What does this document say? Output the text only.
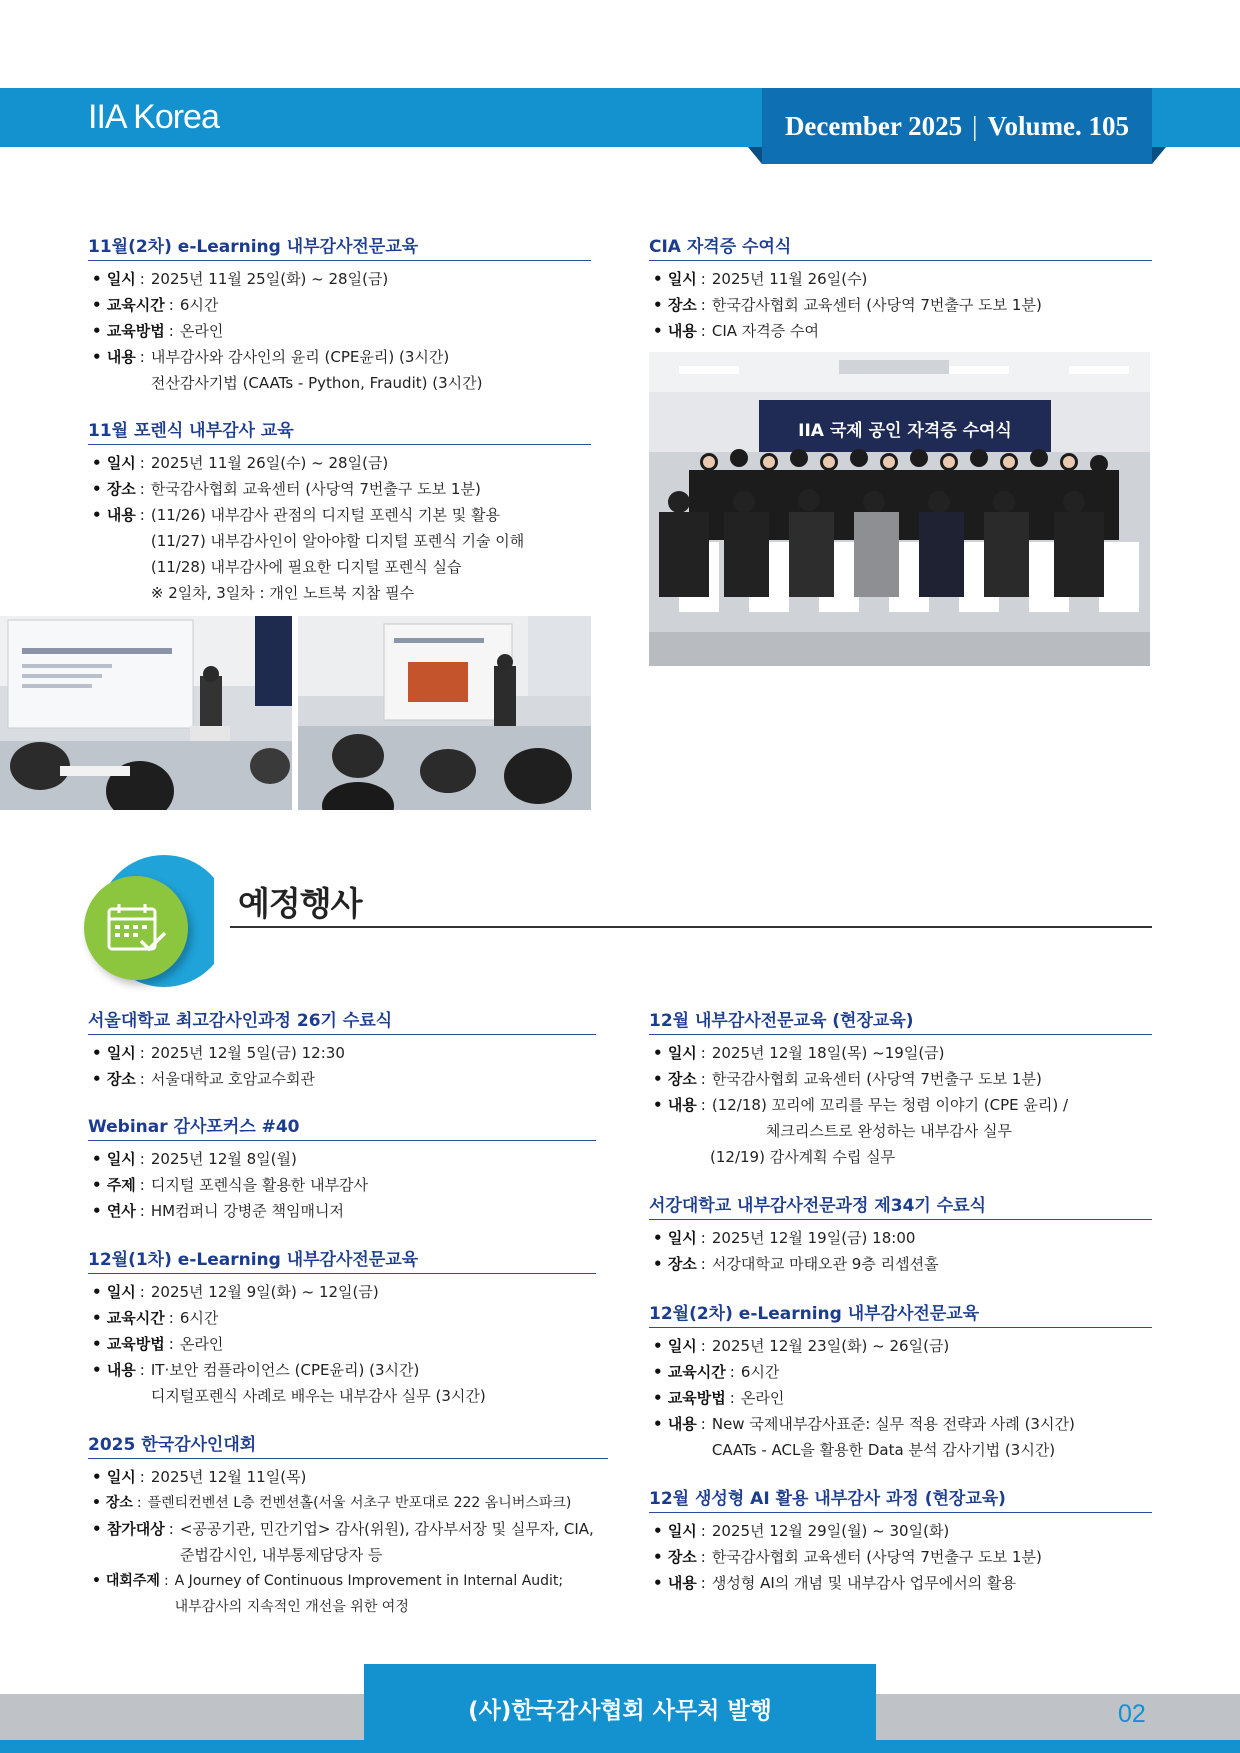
IIA Korea	December 2025 | Volume. 105
11월(2차) e-Learning 내부감사전문교육
• 일시 : 2025년 11월 25일(화) ~ 28일(금)
• 교육시간 : 6시간
• 교육방법 : 온라인
• 내용 : 내부감사와 감사인의 윤리 (CPE윤리) (3시간)
전산감사기법 (CAATs - Python, Fraudit) (3시간)
11월 포렌식 내부감사 교육
• 일시 : 2025년 11월 26일(수) ~ 28일(금)
• 장소 : 한국감사협회 교육센터 (사당역 7번출구 도보 1분)
• 내용 : (11/26) 내부감사 관점의 디지털 포렌식 기본 및 활용
(11/27) 내부감사인이 알아야할 디지털 포렌식 기술 이해
(11/28) 내부감사에 필요한 디지털 포렌식 실습
※ 2일차, 3일차 : 개인 노트북 지참 필수
CIA 자격증 수여식
• 일시 : 2025년 11월 26일(수)
• 장소 : 한국감사협회 교육센터 (사당역 7번출구 도보 1분)
• 내용 : CIA 자격증 수여
IIA 국제 공인 자격증 수여식
예정행사
서울대학교 최고감사인과정 26기 수료식
• 일시 : 2025년 12월 5일(금) 12:30
• 장소 : 서울대학교 호암교수회관
Webinar 감사포커스 #40
• 일시 : 2025년 12월 8일(월)
• 주제 : 디지털 포렌식을 활용한 내부감사
• 연사 : HM컴퍼니 강병준 책임매니저
12월(1차) e-Learning 내부감사전문교육
• 일시 : 2025년 12월 9일(화) ~ 12일(금)
• 교육시간 : 6시간
• 교육방법 : 온라인
• 내용 : IT·보안 컴플라이언스 (CPE윤리) (3시간)
디지털포렌식 사례로 배우는 내부감사 실무 (3시간)
2025 한국감사인대회
• 일시 : 2025년 12월 11일(목)
• 장소 : 플렌티컨벤션 L층 컨벤션홀(서울 서초구 반포대로 222 옴니버스파크)
• 참가대상 : <공공기관, 민간기업> 감사(위원), 감사부서장 및 실무자, CIA,
준법감시인, 내부통제담당자 등
• 대회주제 : A Journey of Continuous Improvement in Internal Audit;
내부감사의 지속적인 개선을 위한 여정
12월 내부감사전문교육 (현장교육)
• 일시 : 2025년 12월 18일(목) ~19일(금)
• 장소 : 한국감사협회 교육센터 (사당역 7번출구 도보 1분)
• 내용 : (12/18) 꼬리에 꼬리를 무는 청렴 이야기 (CPE 윤리) /
체크리스트로 완성하는 내부감사 실무
(12/19) 감사계획 수립 실무
서강대학교 내부감사전문과정 제34기 수료식
• 일시 : 2025년 12월 19일(금) 18:00
• 장소 : 서강대학교 마태오관 9층 리셉션홀
12월(2차) e-Learning 내부감사전문교육
• 일시 : 2025년 12월 23일(화) ~ 26일(금)
• 교육시간 : 6시간
• 교육방법 : 온라인
• 내용 : New 국제내부감사표준: 실무 적용 전략과 사례 (3시간)
CAATs - ACL을 활용한 Data 분석 감사기법 (3시간)
12월 생성형 AI 활용 내부감사 과정 (현장교육)
• 일시 : 2025년 12월 29일(월) ~ 30일(화)
• 장소 : 한국감사협회 교육센터 (사당역 7번출구 도보 1분)
• 내용 : 생성형 AI의 개념 및 내부감사 업무에서의 활용
(사)한국감사협회 사무처 발행	02
